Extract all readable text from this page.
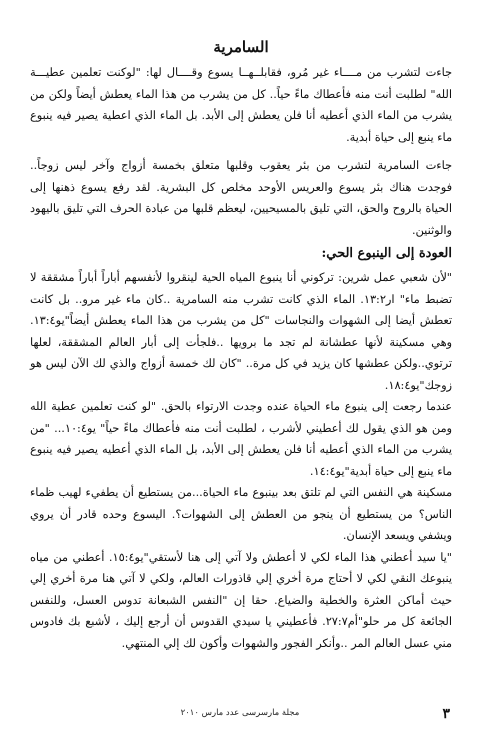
السامرية

جاءت لتشرب من مــــاء غير مُرو، فقابلــهــا يسوع وقــــال لها: "لوكنت تعلمين عطيـــة الله" لطلبت أنت منه فأعطاك ماءً حياً.. كل من يشرب من هذا الماء يعطش أيضاً ولكن من يشرب من الماء الذي أعطيه أنا فلن يعطش إلى الأبد. بل الماء الذي اعطية يصير فيه ينبوع ماء ينبع إلى حياة أبدية.

جاءت السامرية لتشرب من بئر يعقوب وقلبها متعلق بخمسة أزواج وآخر ليس زوجاً.. فوجدت هناك بئر يسوع والعريس الأوحد مخلص كل البشرية. لقد رفع يسوع ذهنها إلى الحياة بالروح والحق، التي تليق بالمسيحيين، ليعظم قلبها من عبادة الحرف التي تليق باليهود والوثنين.

العودة إلى الينبوع الحي:

"لأن شعبي عمل شرين: تركوني أنا ينبوع المياه الحية لينقروا لأنفسهم أباراً أباراً مشققة لا تضبط ماء" ار١٣:٢. الماء الذي كانت تشرب منه السامرية ..كان ماء غير مرو.. بل كانت تعطش أيضا إلى الشهوات والنجاسات "كل من يشرب من هذا الماء يعطش أيضاً"يو١٣:٤. وهي مسكينة لأنها عطشانة لم تجد ما برويها ..فلجأت إلى أبار العالم المشققة، لعلها ترتوي..ولكن عطشها كان يزيد في كل مرة.. "كان لك خمسة أزواج والذي لك الآن ليس هو زوجك"يو١٨:٤.

عندما رجعت إلى ينبوع ماء الحياة عنده وجدت الارتواء بالحق. "لو كنت تعلمين عطية الله ومن هو الذي يقول لك أعطيني لأشرب ، لطلبت أنت منه فأعطاك ماءً حياً" يو١٠:٤... "من يشرب من الماء الذي أعطيه أنا فلن يعطش إلى الأبد، بل الماء الذي أعطيه يصير فيه ينبوع ماء ينبع إلى حياة أبدية"يو١٤:٤.

مسكينة هي النفس التي لم تلتق بعد بينبوع ماء الحياة...من يستطيع أن يطفيء لهيب ظماء الناس؟ من يستطيع أن ينجو من العطش إلى الشهوات؟. اليسوع وحده قادر أن يروي ويشفي ويسعد الإنسان.

"يا سيد أعطني هذا الماء لكي لا أعطش ولا آتي إلى هنا لأستقي"يو١٥:٤. أعطني من مياه ينبوعك النقي لكي لا أحتاج مرة أخري إلي قاذورات العالم، ولكي لا آتي هنا مرة أخري إلي حيث أماكن العثرة والخطية والضياع. حقا إن "النفس الشبعانة تدوس العسل، وللنفس الجائعة كل مر حلو"أم٢٧:٧. فأعطيني يا سيدي القدوس أن أرجع إليك ، لأشبع بك فادوس مني عسل العالم المر ..وأنكر الفجور والشهوات وأكون لك إلي المنتهي.

٣
مجلة مارسرسی عدد مارس ٢٠١٠
